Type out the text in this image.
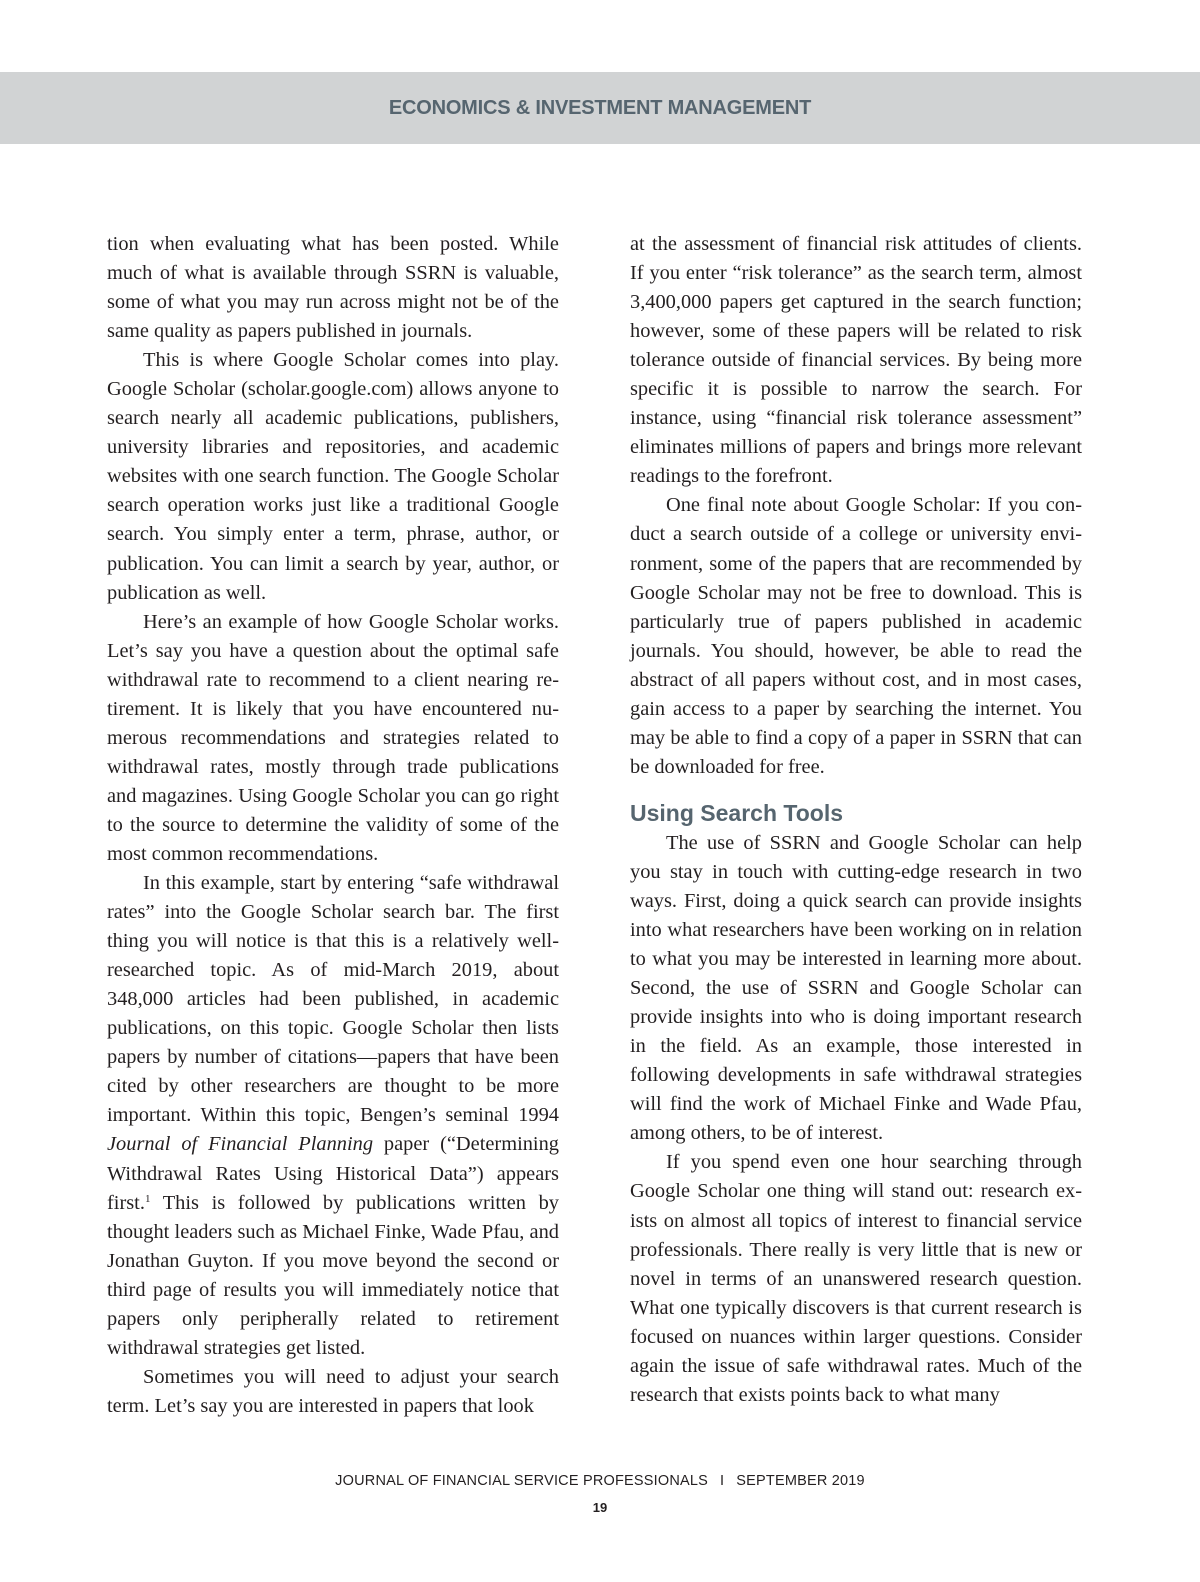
ECONOMICS & INVESTMENT MANAGEMENT

tion when evaluating what has been posted. While much of what is available through SSRN is valuable, some of what you may run across might not be of the same quality as papers published in journals.

This is where Google Scholar comes into play. Google Scholar (scholar.google.com) allows anyone to search nearly all academic publications, publishers, university libraries and repositories, and academic websites with one search function. The Google Scholar search operation works just like a traditional Google search. You simply enter a term, phrase, author, or publication. You can limit a search by year, author, or publication as well.

Here’s an example of how Google Scholar works. Let’s say you have a question about the optimal safe withdrawal rate to recommend to a client nearing retirement. It is likely that you have encountered numerous recommendations and strategies related to withdrawal rates, mostly through trade publications and magazines. Using Google Scholar you can go right to the source to determine the validity of some of the most common recommendations.

In this example, start by entering “safe withdrawal rates” into the Google Scholar search bar. The first thing you will notice is that this is a relatively well-researched topic. As of mid-March 2019, about 348,000 articles had been published, in academic publications, on this topic. Google Scholar then lists papers by number of citations—papers that have been cited by other researchers are thought to be more important. Within this topic, Bengen’s seminal 1994 Journal of Financial Planning paper (“Determining Withdrawal Rates Using Historical Data”) appears first.$^1$ This is followed by publications written by thought leaders such as Michael Finke, Wade Pfau, and Jonathan Guyton. If you move beyond the second or third page of results you will immediately notice that papers only peripherally related to retirement withdrawal strategies get listed.

Sometimes you will need to adjust your search term. Let’s say you are interested in papers that look

at the assessment of financial risk attitudes of clients. If you enter “risk tolerance” as the search term, almost 3,400,000 papers get captured in the search function; however, some of these papers will be related to risk tolerance outside of financial services. By being more specific it is possible to narrow the search. For instance, using “financial risk tolerance assessment” eliminates millions of papers and brings more relevant readings to the forefront.

One final note about Google Scholar: If you conduct a search outside of a college or university environment, some of the papers that are recommended by Google Scholar may not be free to download. This is particularly true of papers published in academic journals. You should, however, be able to read the abstract of all papers without cost, and in most cases, gain access to a paper by searching the internet. You may be able to find a copy of a paper in SSRN that can be downloaded for free.

Using Search Tools

The use of SSRN and Google Scholar can help you stay in touch with cutting-edge research in two ways. First, doing a quick search can provide insights into what researchers have been working on in relation to what you may be interested in learning more about. Second, the use of SSRN and Google Scholar can provide insights into who is doing important research in the field. As an example, those interested in following developments in safe withdrawal strategies will find the work of Michael Finke and Wade Pfau, among others, to be of interest.

If you spend even one hour searching through Google Scholar one thing will stand out: research exists on almost all topics of interest to financial service professionals. There really is very little that is new or novel in terms of an unanswered research question. What one typically discovers is that current research is focused on nuances within larger questions. Consider again the issue of safe withdrawal rates. Much of the research that exists points back to what many

JOURNAL OF FINANCIAL SERVICE PROFESSIONALS I SEPTEMBER 2019
19
